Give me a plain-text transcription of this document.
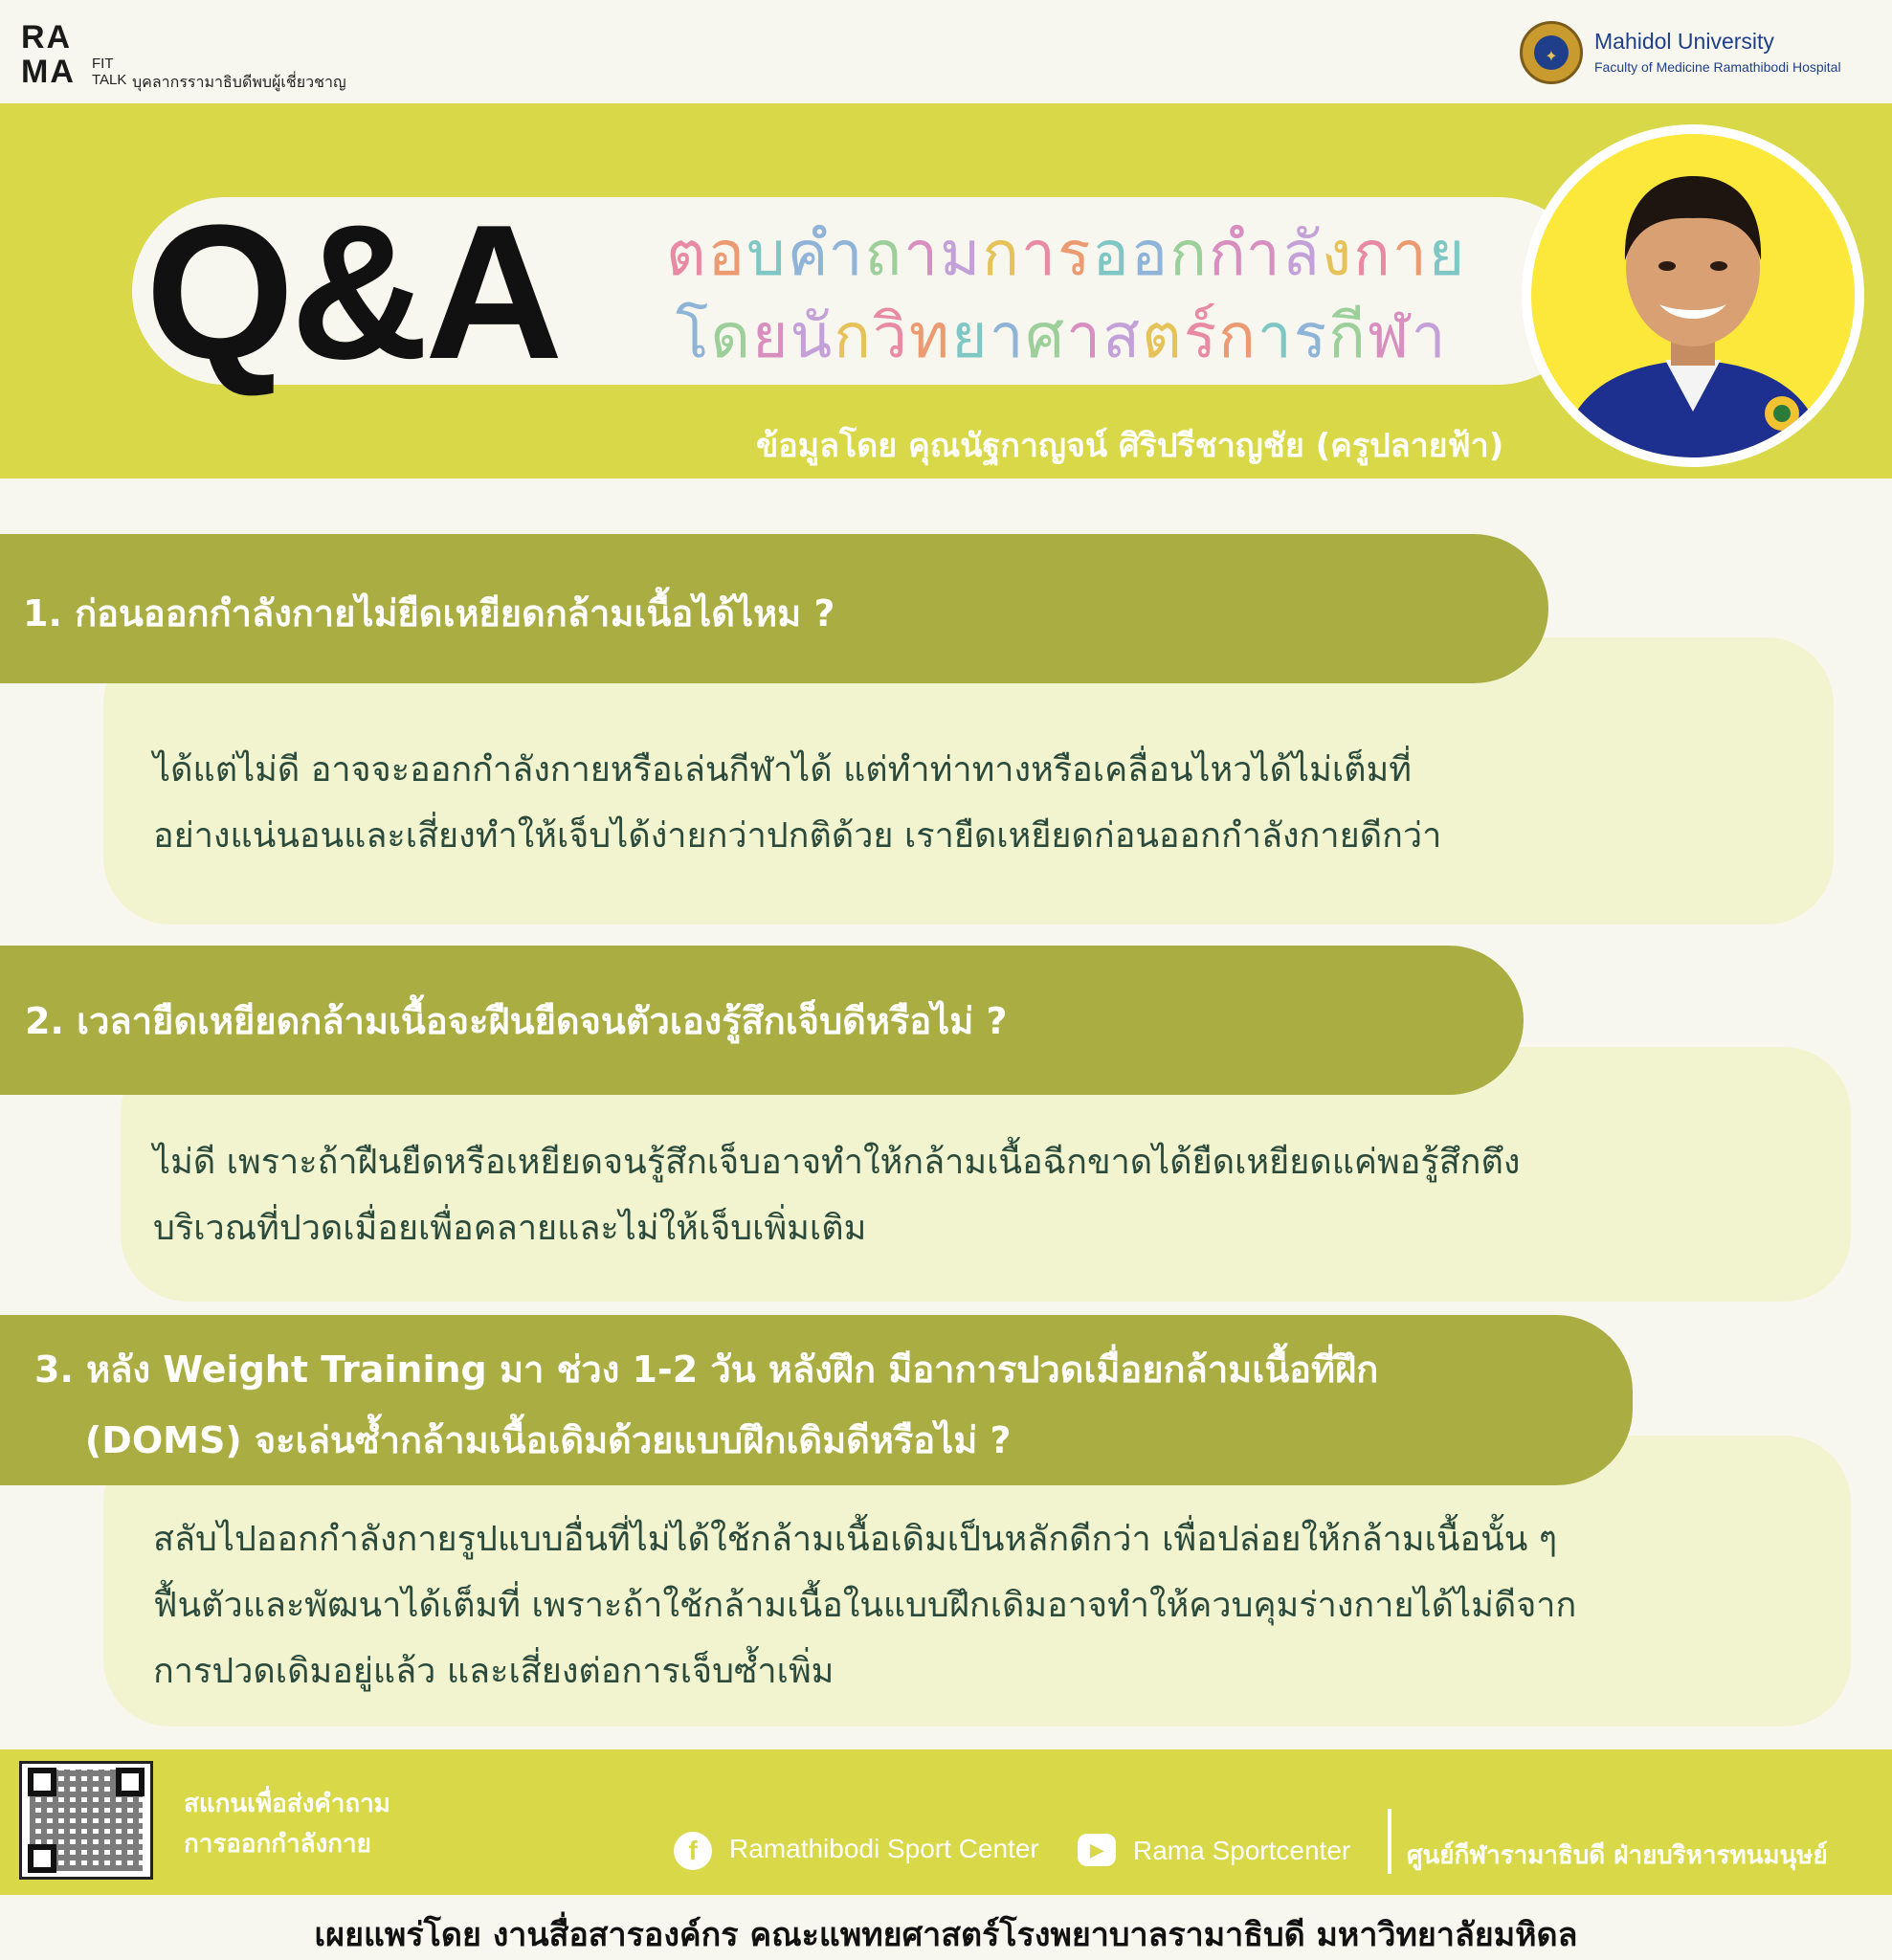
RA
MA FIT
TALK บุคลากรรามาธิบดีพบผู้เชี่ยวชาญ
✦
Mahidol University
Faculty of Medicine Ramathibodi Hospital
Q&A ตอบคำถามการออกกำลังกาย
โดยนักวิทยาศาสตร์การกีฬา
ข้อมูลโดย คุณนัฐกาญจน์ ศิริปรีชาญชัย (ครูปลายฟ้า)
1. ก่อนออกกำลังกายไม่ยืดเหยียดกล้ามเนื้อได้ไหม ?
ได้แต่ไม่ดี อาจจะออกกำลังกายหรือเล่นกีฬาได้ แต่ทำท่าทางหรือเคลื่อนไหวได้ไม่เต็มที่
อย่างแน่นอนและเสี่ยงทำให้เจ็บได้ง่ายกว่าปกติด้วย เรายืดเหยียดก่อนออกกำลังกายดีกว่า
2. เวลายืดเหยียดกล้ามเนื้อจะฝืนยืดจนตัวเองรู้สึกเจ็บดีหรือไม่ ?
ไม่ดี เพราะถ้าฝืนยืดหรือเหยียดจนรู้สึกเจ็บอาจทำให้กล้ามเนื้อฉีกขาดได้ยืดเหยียดแค่พอรู้สึกตึง
บริเวณที่ปวดเมื่อยเพื่อคลายและไม่ให้เจ็บเพิ่มเติม
3. หลัง Weight Training มา ช่วง 1-2 วัน หลังฝึก มีอาการปวดเมื่อยกล้ามเนื้อที่ฝึก
(DOMS) จะเล่นซ้ำกล้ามเนื้อเดิมด้วยแบบฝึกเดิมดีหรือไม่ ?
สลับไปออกกำลังกายรูปแบบอื่นที่ไม่ได้ใช้กล้ามเนื้อเดิมเป็นหลักดีกว่า เพื่อปล่อยให้กล้ามเนื้อนั้น ๆ
ฟื้นตัวและพัฒนาได้เต็มที่ เพราะถ้าใช้กล้ามเนื้อในแบบฝึกเดิมอาจทำให้ควบคุมร่างกายได้ไม่ดีจาก
การปวดเดิมอยู่แล้ว และเสี่ยงต่อการเจ็บซ้ำเพิ่ม
สแกนเพื่อส่งคำถาม
การออกกำลังกาย	f	Ramathibodi Sport Center	▶	Rama Sportcenter ศูนย์กีฬารามาธิบดี ฝ่ายบริหารทนมนุษย์
เผยแพร่โดย งานสื่อสารองค์กร คณะแพทยศาสตร์โรงพยาบาลรามาธิบดี มหาวิทยาลัยมหิดล
